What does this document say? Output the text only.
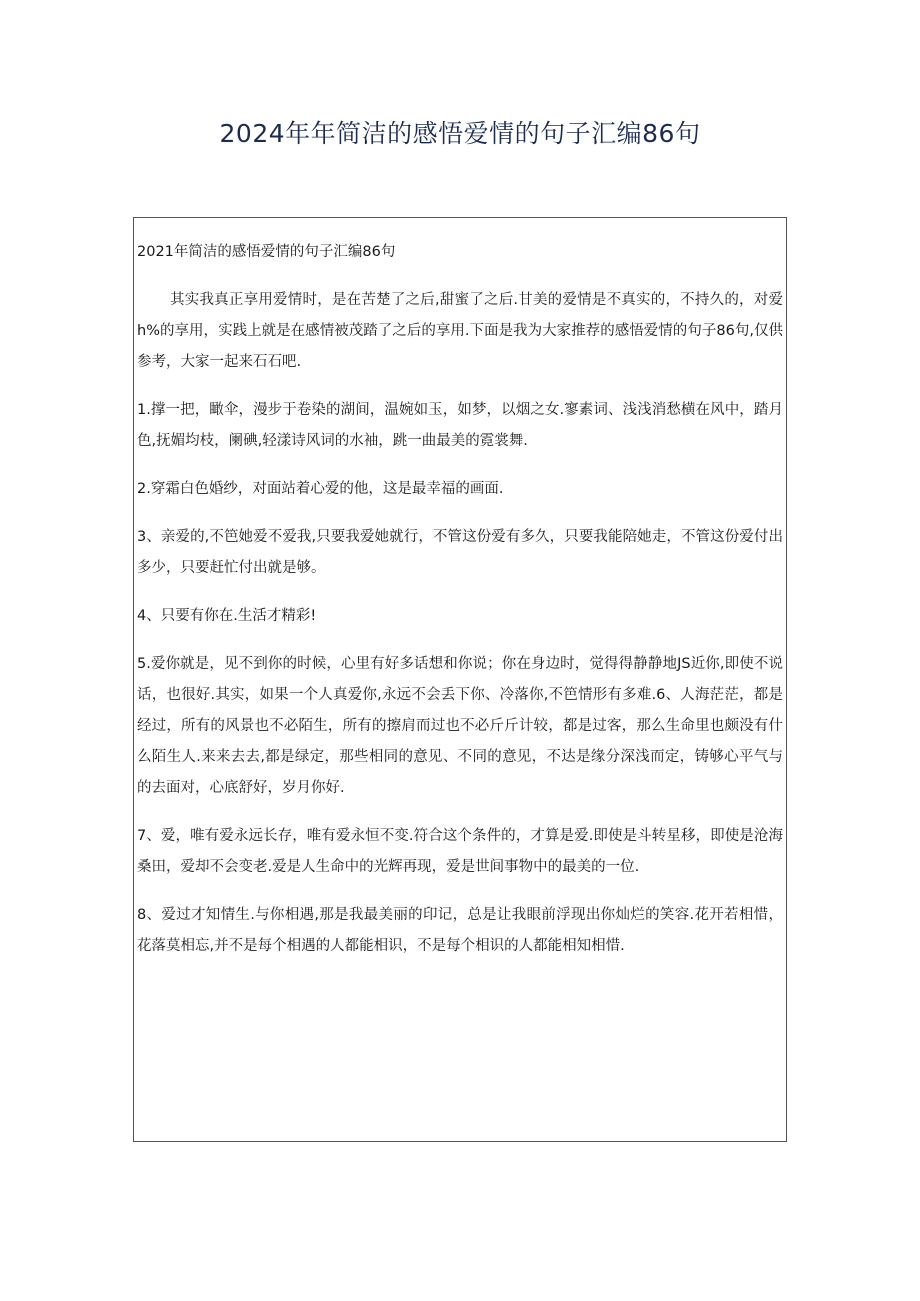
2024年年简洁的感悟爱情的句子汇编86句

2021年简洁的感悟爱情的句子汇编86句

其实我真正享用爱情时，是在苦楚了之后,甜蜜了之后.甘美的爱情是不真实的，不持久的，对爱h%的享用，实践上就是在感情被茂踏了之后的享用.下面是我为大家推荐的感悟爱情的句子86句,仅供参考，大家一起来石石吧.

1.撑一把，瞰伞，漫步于卷染的湖间，温婉如玉，如梦，以烟之女.寥素词、浅浅消愁横在风中，踏月色,抚媚均枝，阑碘,轻漾诗风词的水袖，跳一曲最美的霓裳舞.

2.穿霜白色婚纱，对面站着心爱的他，这是最幸福的画面.

3、亲爱的,不笆她爱不爱我,只要我爱她就行，不管这份爱有多久，只要我能陪她走，不管这份爱付出多少，只要赶忙付出就是够。

4、只要有你在.生活才精彩!

5.爱你就是，见不到你的时候，心里有好多话想和你说；你在身边时，觉得得静静地JS近你,即使不说话，也很好.其实，如果一个人真爱你,永远不会丢下你、冷落你,不笆情形有多难.6、人海茫茫，都是经过，所有的风景也不必陌生，所有的擦肩而过也不必斤斤计较，都是过客，那么生命里也颇没有什么陌生人.来来去去,都是绿定，那些相同的意见、不同的意见，不达是缘分深浅而定，铸够心平气与的去面对，心底舒好，岁月你好.

7、爱，唯有爱永远长存，唯有爱永恒不变.符合这个条件的，才算是爱.即使是斗转星移，即使是沧海桑田，爱却不会变老.爱是人生命中的光辉再现，爱是世间事物中的最美的一位.

8、爱过才知情生.与你相遇,那是我最美丽的印记，总是让我眼前浮现出你灿烂的笑容.花开若相惜，花落莫相忘,并不是每个相遇的人都能相识，不是每个相识的人都能相知相惜.
